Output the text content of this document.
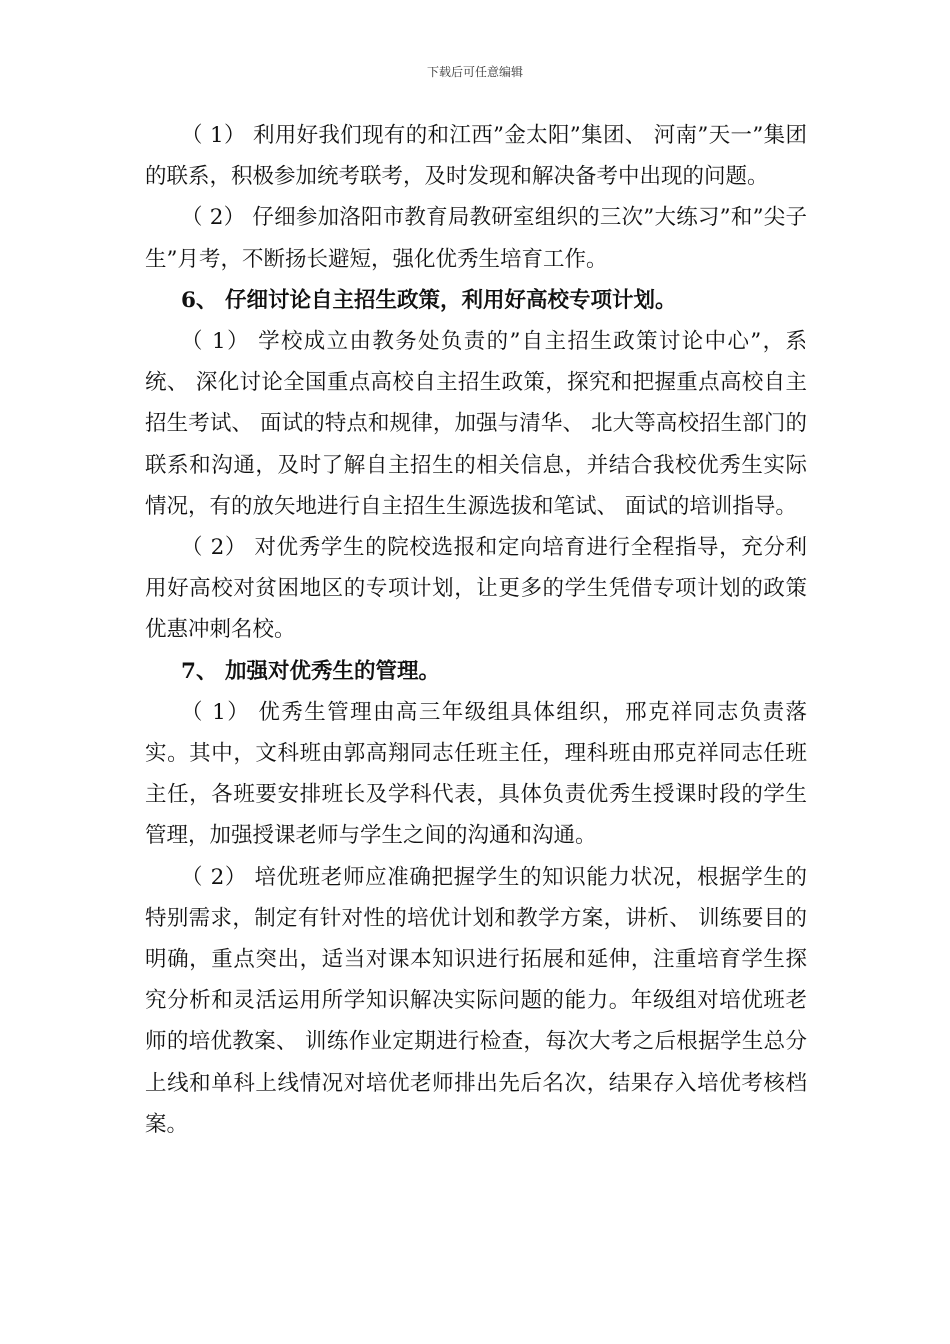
下载后可任意编辑

（ 1） 利用好我们现有的和江西”金太阳”集团、 河南”天一”集团的联系，积极参加统考联考，及时发现和解决备考中出现的问题。

（ 2） 仔细参加洛阳市教育局教研室组织的三次”大练习”和”尖子生”月考，不断扬长避短，强化优秀生培育工作。

6、 仔细讨论自主招生政策，利用好高校专项计划。

（ 1） 学校成立由教务处负责的”自主招生政策讨论中心”，系统、 深化讨论全国重点高校自主招生政策，探究和把握重点高校自主招生考试、 面试的特点和规律，加强与清华、 北大等高校招生部门的联系和沟通，及时了解自主招生的相关信息，并结合我校优秀生实际情况，有的放矢地进行自主招生生源选拔和笔试、 面试的培训指导。

（ 2） 对优秀学生的院校选报和定向培育进行全程指导，充分利用好高校对贫困地区的专项计划，让更多的学生凭借专项计划的政策优惠冲刺名校。

7、 加强对优秀生的管理。

（ 1） 优秀生管理由高三年级组具体组织，邢克祥同志负责落实。其中，文科班由郭高翔同志任班主任，理科班由邢克祥同志任班主任，各班要安排班长及学科代表，具体负责优秀生授课时段的学生管理，加强授课老师与学生之间的沟通和沟通。

（ 2） 培优班老师应准确把握学生的知识能力状况，根据学生的特别需求，制定有针对性的培优计划和教学方案，讲析、 训练要目的明确，重点突出，适当对课本知识进行拓展和延伸，注重培育学生探究分析和灵活运用所学知识解决实际问题的能力。年级组对培优班老师的培优教案、 训练作业定期进行检查，每次大考之后根据学生总分上线和单科上线情况对培优老师排出先后名次，结果存入培优考核档案。
